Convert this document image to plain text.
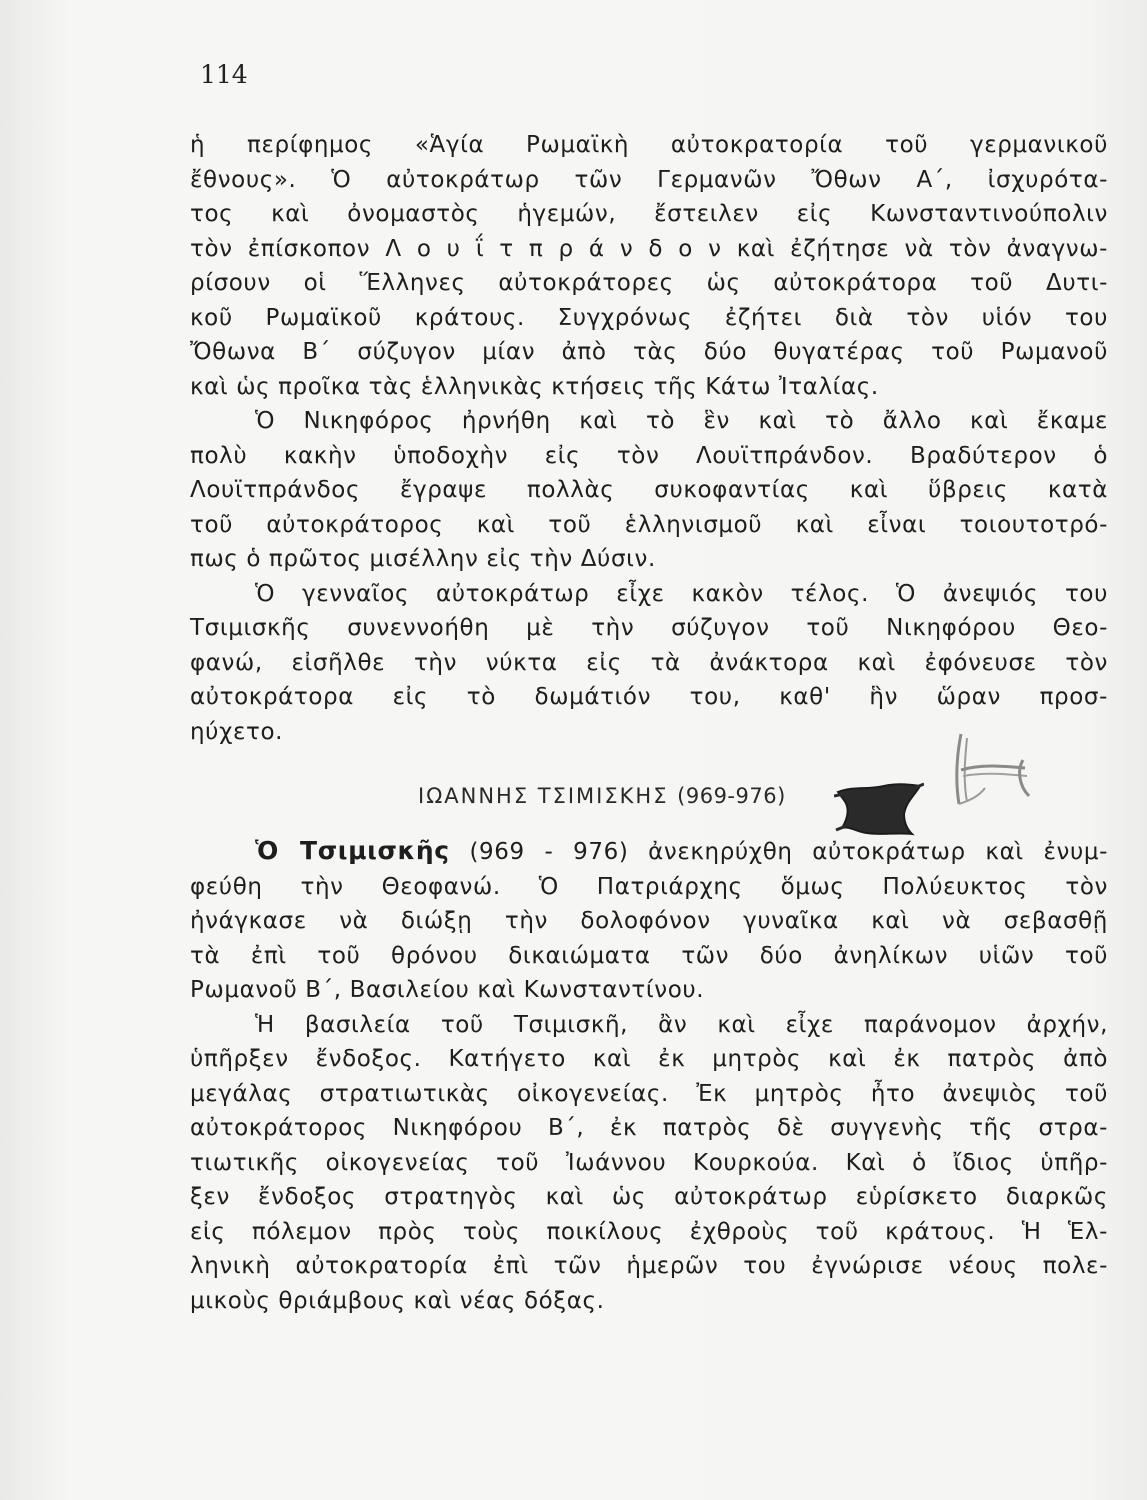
114
ἡ περίφημος «Ἁγία Ρωμαϊκὴ αὐτοκρατορία τοῦ γερμανικοῦ
ἔθνους». Ὁ αὐτοκράτωρ τῶν Γερμανῶν Ὄθων Α΄, ἰσχυρότα-
τος καὶ ὀνομαστὸς ἡγεμών, ἔστειλεν εἰς Κωνσταντινούπολιν
τὸν ἐπίσκοπον Λ ο υ ΐ τ π ρ ά ν δ ο ν καὶ ἐζήτησε νὰ τὸν ἀναγνω-
ρίσουν οἱ Ἕλληνες αὐτοκράτορες ὡς αὐτοκράτορα τοῦ Δυτι-
κοῦ Ρωμαϊκοῦ κράτους. Συγχρόνως ἐζήτει διὰ τὸν υἱόν του
Ὄθωνα Β΄ σύζυγον μίαν ἀπὸ τὰς δύο θυγατέρας τοῦ Ρωμανοῦ
καὶ ὡς προῖκα τὰς ἑλληνικὰς κτήσεις τῆς Κάτω Ἰταλίας.
Ὁ Νικηφόρος ἠρνήθη καὶ τὸ ἓν καὶ τὸ ἄλλο καὶ ἔκαμε
πολὺ κακὴν ὑποδοχὴν εἰς τὸν Λουϊτπράνδον. Βραδύτερον ὁ
Λουϊτπράνδος ἔγραψε πολλὰς συκοφαντίας καὶ ὕβρεις κατὰ
τοῦ αὐτοκράτορος καὶ τοῦ ἑλληνισμοῦ καὶ εἶναι τοιουτοτρό-
πως ὁ πρῶτος μισέλλην εἰς τὴν Δύσιν.
Ὁ γενναῖος αὐτοκράτωρ εἶχε κακὸν τέλος. Ὁ ἀνεψιός του
Τσιμισκῆς συνεννοήθη μὲ τὴν σύζυγον τοῦ Νικηφόρου Θεο-
φανώ, εἰσῆλθε τὴν νύκτα εἰς τὰ ἀνάκτορα καὶ ἐφόνευσε τὸν
αὐτοκράτορα εἰς τὸ δωμάτιόν του, καθ' ἣν ὥραν προσ-
ηύχετο.
ΙΩΑΝΝΗΣ ΤΣΙΜΙΣΚΗΣ (969-976)
Ὁ Τσιμισκῆς (969 - 976) ἀνεκηρύχθη αὐτοκράτωρ καὶ ἐνυμ-
φεύθη τὴν Θεοφανώ. Ὁ Πατριάρχης ὅμως Πολύευκτος τὸν
ἠνάγκασε νὰ διώξῃ τὴν δολοφόνον γυναῖκα καὶ νὰ σεβασθῇ
τὰ ἐπὶ τοῦ θρόνου δικαιώματα τῶν δύο ἀνηλίκων υἱῶν τοῦ
Ρωμανοῦ Β΄, Βασιλείου καὶ Κωνσταντίνου.
Ἡ βασιλεία τοῦ Τσιμισκῆ, ἂν καὶ εἶχε παράνομον ἀρχήν,
ὑπῆρξεν ἔνδοξος. Κατήγετο καὶ ἐκ μητρὸς καὶ ἐκ πατρὸς ἀπὸ
μεγάλας στρατιωτικὰς οἰκογενείας. Ἐκ μητρὸς ἦτο ἀνεψιὸς τοῦ
αὐτοκράτορος Νικηφόρου Β΄, ἐκ πατρὸς δὲ συγγενὴς τῆς στρα-
τιωτικῆς οἰκογενείας τοῦ Ἰωάννου Κουρκούα. Καὶ ὁ ἴδιος ὑπῆρ-
ξεν ἔνδοξος στρατηγὸς καὶ ὡς αὐτοκράτωρ εὑρίσκετο διαρκῶς
εἰς πόλεμον πρὸς τοὺς ποικίλους ἐχθροὺς τοῦ κράτους. Ἡ Ἑλ-
ληνικὴ αὐτοκρατορία ἐπὶ τῶν ἡμερῶν του ἐγνώρισε νέους πολε-
μικοὺς θριάμβους καὶ νέας δόξας.
